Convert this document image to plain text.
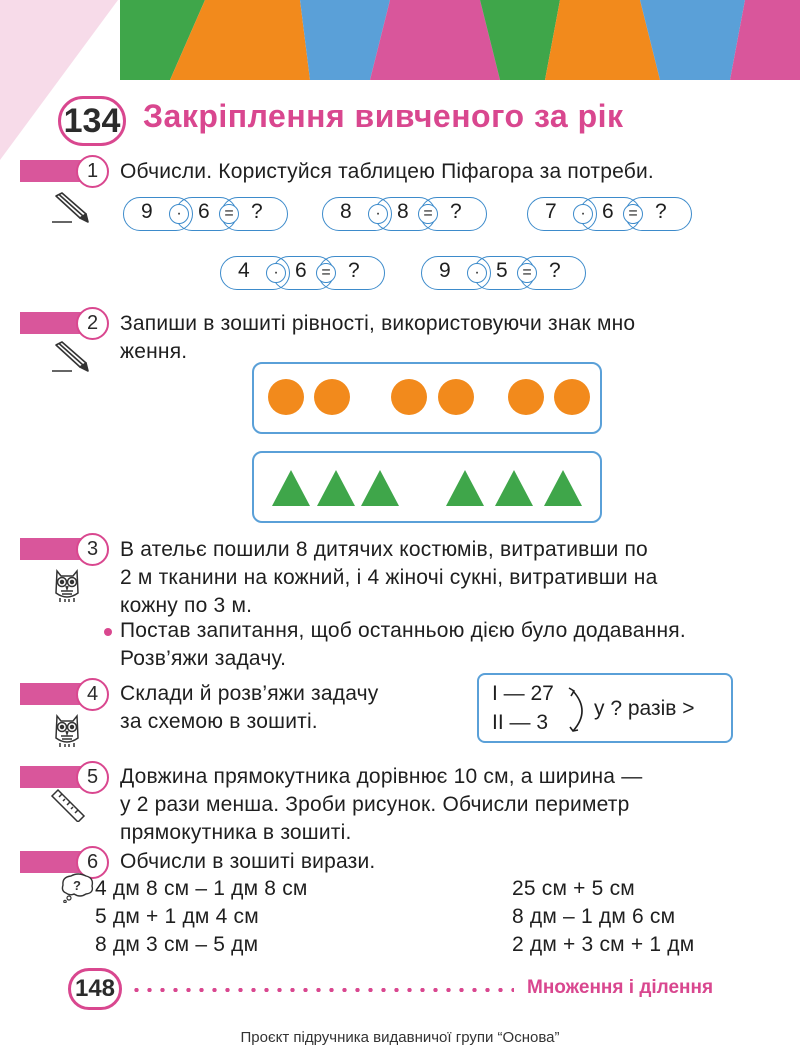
134 Закріплення вивченого за рік
1	Обчисли. Користуйся таблицею Піфагора за потреби.
9	· 6 = ?	8	· 8 = ?	7	· 6 = ?
4	· 6 = ?	9	· 5 = ?
2	Запиши в зошиті рівності, використовуючи знак мно
ження.
3	В ательє пошили 8 дитячих костюмів, витративши по
2 м тканини на кожний, і 4 жіночі сукні, витративши на
кожну по 3 м.
Постав запитання, щоб останньою дією було додавання.
Розв’яжи задачу.
4	Склади й розв’яжи задачу
за схемою в зошиті.
І — 27
ІІ — 3
у ? разів >
5	Довжина прямокутника дорівнює 10 см, а ширина —
у 2 рази менша. Зроби рисунок. Обчисли периметр
прямокутника в зошиті.
6	Обчисли в зошиті вирази.
? 4 дм 8 см – 1 дм 8 см
5 дм + 1 дм 4 см
8 дм 3 см – 5 дм
25 см + 5 см
8 дм – 1 дм 6 см
2 дм + 3 см + 1 дм
148	Множення і ділення
Проєкт підручника видавничої групи “Основа”
